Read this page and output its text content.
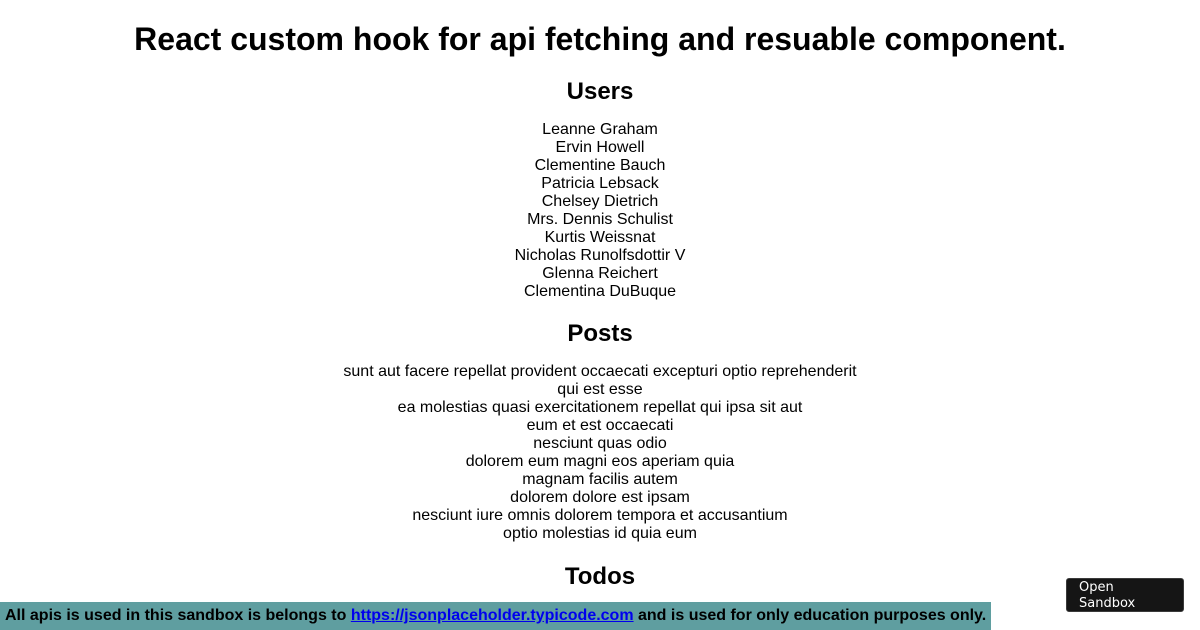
React custom hook for api fetching and resuable component.
Users
Leanne Graham
Ervin Howell
Clementine Bauch
Patricia Lebsack
Chelsey Dietrich
Mrs. Dennis Schulist
Kurtis Weissnat
Nicholas Runolfsdottir V
Glenna Reichert
Clementina DuBuque
Posts
sunt aut facere repellat provident occaecati excepturi optio reprehenderit
qui est esse
ea molestias quasi exercitationem repellat qui ipsa sit aut
eum et est occaecati
nesciunt quas odio
dolorem eum magni eos aperiam quia
magnam facilis autem
dolorem dolore est ipsam
nesciunt iure omnis dolorem tempora et accusantium
optio molestias id quia eum
Todos
All apis is used in this sandbox is belongs to https://jsonplaceholder.typicode.com and is used for only education purposes only.
Open Sandbox
